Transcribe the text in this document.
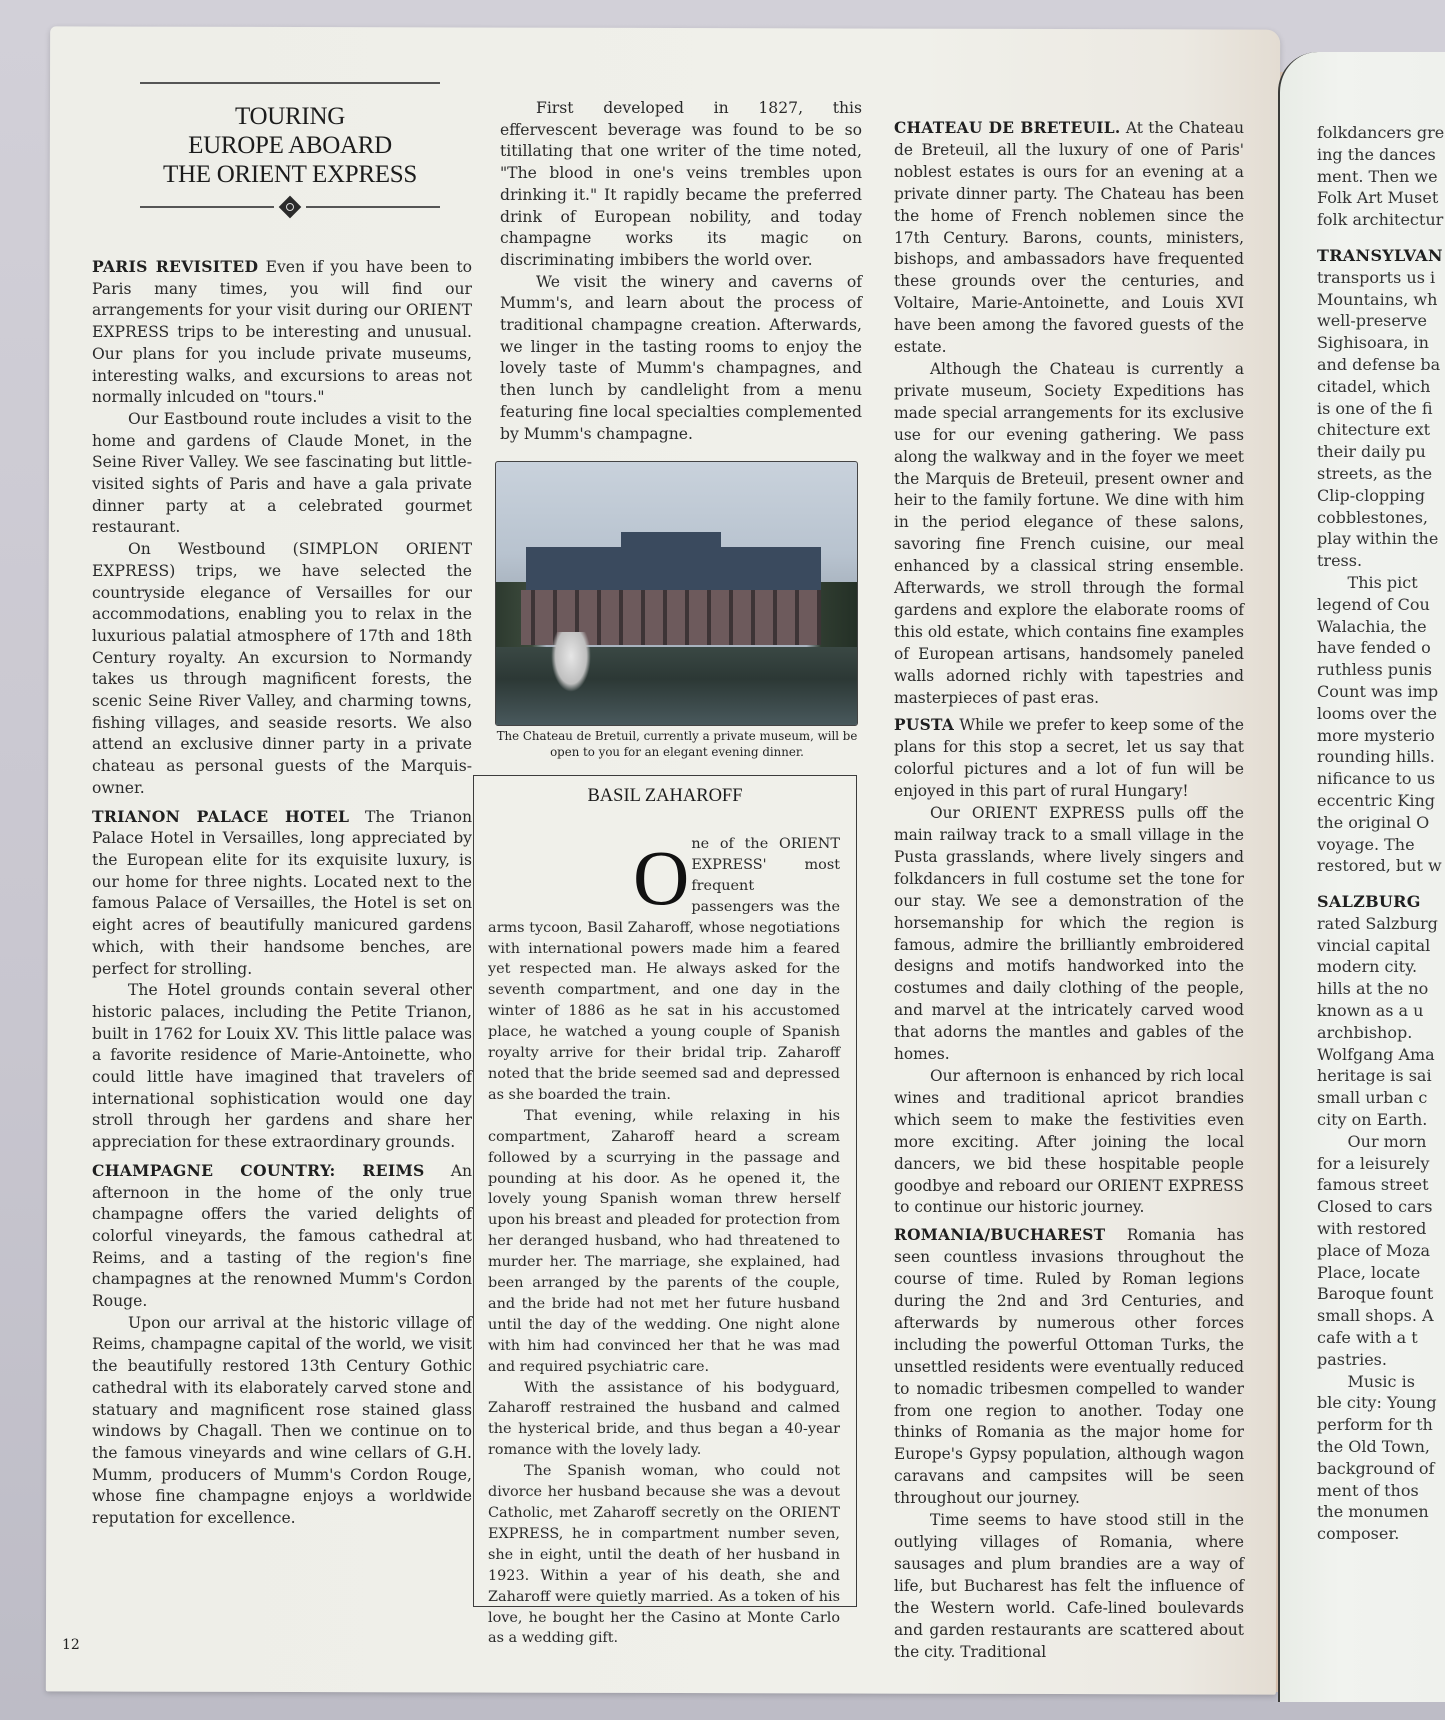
TOURING
EUROPE ABOARD
THE ORIENT EXPRESS

PARIS REVISITED Even if you have been to Paris many times, you will find our arrangements for your visit during our ORIENT EXPRESS trips to be interesting and unusual. Our plans for you include private museums, interesting walks, and excursions to areas not normally inlcuded on "tours."

Our Eastbound route includes a visit to the home and gardens of Claude Monet, in the Seine River Valley. We see fascinating but little-visited sights of Paris and have a gala private dinner party at a celebrated gourmet restaurant.

On Westbound (SIMPLON ORIENT EXPRESS) trips, we have selected the countryside elegance of Versailles for our accommodations, enabling you to relax in the luxurious palatial atmosphere of 17th and 18th Century royalty. An excursion to Normandy takes us through magnificent forests, the scenic Seine River Valley, and charming towns, fishing villages, and seaside resorts. We also attend an exclusive dinner party in a private chateau as personal guests of the Marquis-owner.

TRIANON PALACE HOTEL The Trianon Palace Hotel in Versailles, long appreciated by the European elite for its exquisite luxury, is our home for three nights. Located next to the famous Palace of Versailles, the Hotel is set on eight acres of beautifully manicured gardens which, with their handsome benches, are perfect for strolling.

The Hotel grounds contain several other historic palaces, including the Petite Trianon, built in 1762 for Louix XV. This little palace was a favorite residence of Marie-Antoinette, who could little have imagined that travelers of international sophistication would one day stroll through her gardens and share her appreciation for these extraordinary grounds.

CHAMPAGNE COUNTRY: REIMS An afternoon in the home of the only true champagne offers the varied delights of colorful vineyards, the famous cathedral at Reims, and a tasting of the region's fine champagnes at the renowned Mumm's Cordon Rouge.

Upon our arrival at the historic village of Reims, champagne capital of the world, we visit the beautifully restored 13th Century Gothic cathedral with its elaborately carved stone and statuary and magnificent rose stained glass windows by Chagall. Then we continue on to the famous vineyards and wine cellars of G.H. Mumm, producers of Mumm's Cordon Rouge, whose fine champagne enjoys a worldwide reputation for excellence.

First developed in 1827, this effervescent beverage was found to be so titillating that one writer of the time noted, "The blood in one's veins trembles upon drinking it." It rapidly became the preferred drink of European nobility, and today champagne works its magic on discriminating imbibers the world over.

We visit the winery and caverns of Mumm's, and learn about the process of traditional champagne creation. Afterwards, we linger in the tasting rooms to enjoy the lovely taste of Mumm's champagnes, and then lunch by candlelight from a menu featuring fine local specialties complemented by Mumm's champagne.

The Chateau de Bretuil, currently a private museum, will be open to you for an elegant evening dinner.
BASIL ZAHAROFF

One of the ORIENT EXPRESS' most frequent passengers was the arms tycoon, Basil Zaharoff, whose negotiations with international powers made him a feared yet respected man. He always asked for the seventh compartment, and one day in the winter of 1886 as he sat in his accustomed place, he watched a young couple of Spanish royalty arrive for their bridal trip. Zaharoff noted that the bride seemed sad and depressed as she boarded the train.

That evening, while relaxing in his compartment, Zaharoff heard a scream followed by a scurrying in the passage and pounding at his door. As he opened it, the lovely young Spanish woman threw herself upon his breast and pleaded for protection from her deranged husband, who had threatened to murder her. The marriage, she explained, had been arranged by the parents of the couple, and the bride had not met her future husband until the day of the wedding. One night alone with him had convinced her that he was mad and required psychiatric care.

With the assistance of his bodyguard, Zaharoff restrained the husband and calmed the hysterical bride, and thus began a 40-year romance with the lovely lady.

The Spanish woman, who could not divorce her husband because she was a devout Catholic, met Zaharoff secretly on the ORIENT EXPRESS, he in compartment number seven, she in eight, until the death of her husband in 1923. Within a year of his death, she and Zaharoff were quietly married. As a token of his love, he bought her the Casino at Monte Carlo as a wedding gift.

CHATEAU DE BRETEUIL. At the Chateau de Breteuil, all the luxury of one of Paris' noblest estates is ours for an evening at a private dinner party. The Chateau has been the home of French noblemen since the 17th Century. Barons, counts, ministers, bishops, and ambassadors have frequented these grounds over the centuries, and Voltaire, Marie-Antoinette, and Louis XVI have been among the favored guests of the estate.

Although the Chateau is currently a private museum, Society Expeditions has made special arrangements for its exclusive use for our evening gathering. We pass along the walkway and in the foyer we meet the Marquis de Breteuil, present owner and heir to the family fortune. We dine with him in the period elegance of these salons, savoring fine French cuisine, our meal enhanced by a classical string ensemble. Afterwards, we stroll through the formal gardens and explore the elaborate rooms of this old estate, which contains fine examples of European artisans, handsomely paneled walls adorned richly with tapestries and masterpieces of past eras.

PUSTA While we prefer to keep some of the plans for this stop a secret, let us say that colorful pictures and a lot of fun will be enjoyed in this part of rural Hungary!

Our ORIENT EXPRESS pulls off the main railway track to a small village in the Pusta grasslands, where lively singers and folkdancers in full costume set the tone for our stay. We see a demonstration of the horsemanship for which the region is famous, admire the brilliantly embroidered designs and motifs handworked into the costumes and daily clothing of the people, and marvel at the intricately carved wood that adorns the mantles and gables of the homes.

Our afternoon is enhanced by rich local wines and traditional apricot brandies which seem to make the festivities even more exciting. After joining the local dancers, we bid these hospitable people goodbye and reboard our ORIENT EXPRESS to continue our historic journey.

ROMANIA/BUCHAREST Romania has seen countless invasions throughout the course of time. Ruled by Roman legions during the 2nd and 3rd Centuries, and afterwards by numerous other forces including the powerful Ottoman Turks, the unsettled residents were eventually reduced to nomadic tribesmen compelled to wander from one region to another. Today one thinks of Romania as the major home for Europe's Gypsy population, although wagon caravans and campsites will be seen throughout our journey.

Time seems to have stood still in the outlying villages of Romania, where sausages and plum brandies are a way of life, but Bucharest has felt the influence of the Western world. Cafe-lined boulevards and garden restaurants are scattered about the city. Traditional

12
folkdancers gre
ing the dances
ment. Then we
Folk Art Muset
folk architectur
TRANSYLVAN
transports us i
Mountains, wh
well-preserve
Sighisoara, in
and defense ba
citadel, which
is one of the fi
chitecture ext
their daily pu
streets, as the
Clip-clopping
cobblestones,
play within the
tress.
This pict
legend of Cou
Walachia, the
have fended o
ruthless punis
Count was imp
looms over the
more mysterio
rounding hills.
nificance to us
eccentric King
the original O
voyage. The
restored, but w
SALZBURG
rated Salzburg
vincial capital
modern city.
hills at the no
known as a u
archbishop.
Wolfgang Ama
heritage is sai
small urban c
city on Earth.
Our morn
for a leisurely
famous street
Closed to cars
with restored
place of Moza
Place, locate
Baroque fount
small shops. A
cafe with a t
pastries.
Music is
ble city: Young
perform for th
the Old Town,
background of
ment of thos
the monumen
composer.
